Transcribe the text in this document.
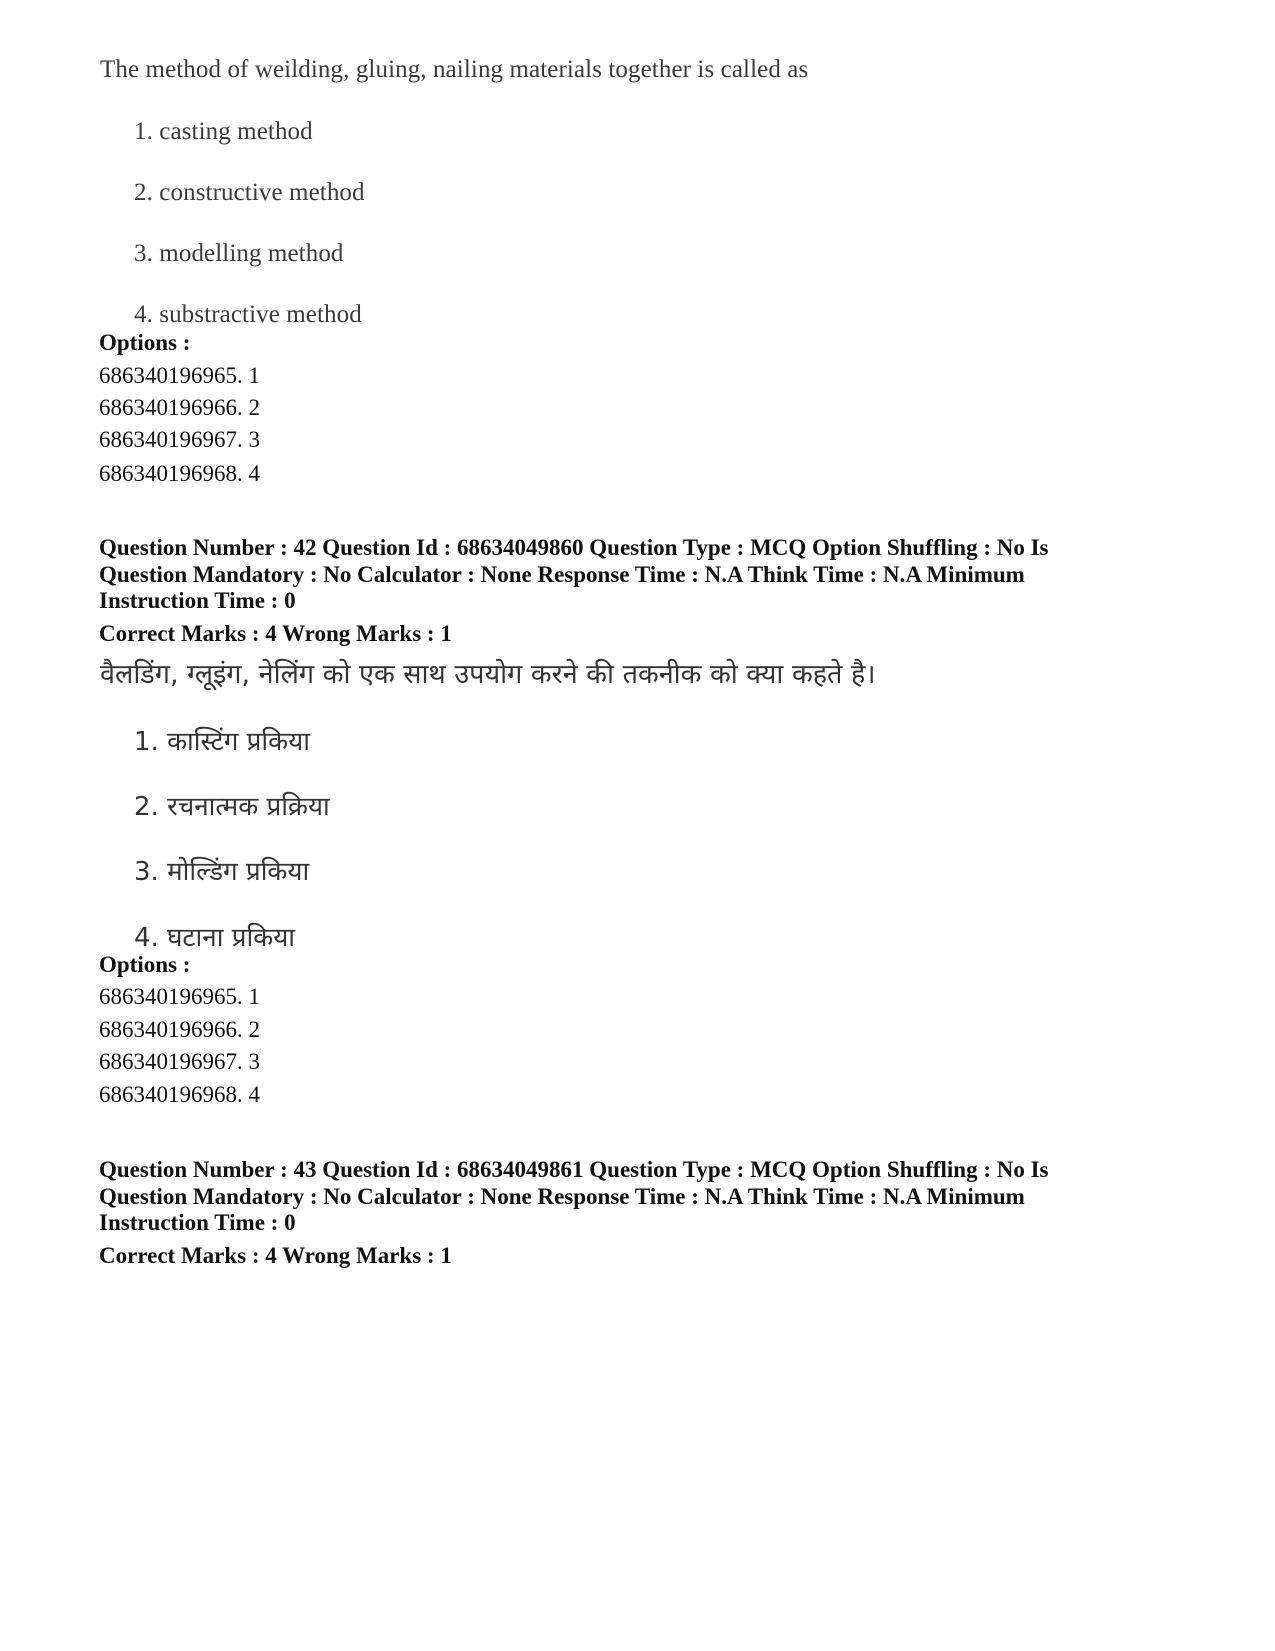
The method of weilding, gluing, nailing materials together is called as
1. casting method
2. constructive method
3. modelling method
4. substractive method
Options :
686340196965. 1
686340196966. 2
686340196967. 3
686340196968. 4
Question Number : 42 Question Id : 68634049860 Question Type : MCQ Option Shuffling : No Is
Question Mandatory : No Calculator : None Response Time : N.A Think Time : N.A Minimum
Instruction Time : 0
Correct Marks : 4 Wrong Marks : 1
वैलडिंग, ग्लूइंग, नेलिंग को एक साथ उपयोग करने की तकनीक को क्या कहते है।
1. कास्टिंग प्रकिया
2. रचनात्मक प्रक्रिया
3. मोल्डिंग प्रकिया
4. घटाना प्रकिया
Options :
686340196965. 1
686340196966. 2
686340196967. 3
686340196968. 4
Question Number : 43 Question Id : 68634049861 Question Type : MCQ Option Shuffling : No Is
Question Mandatory : No Calculator : None Response Time : N.A Think Time : N.A Minimum
Instruction Time : 0
Correct Marks : 4 Wrong Marks : 1
